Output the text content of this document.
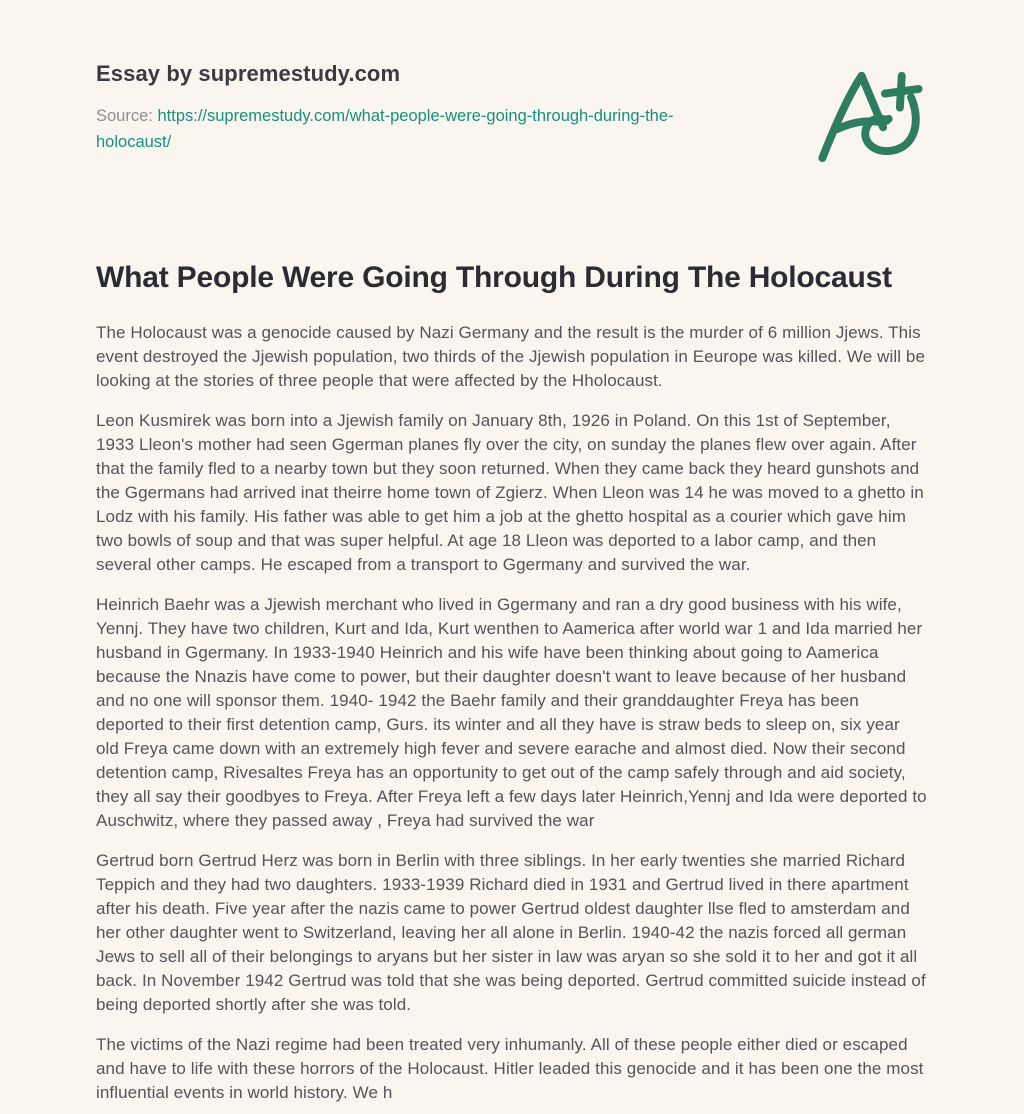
Essay by supremestudy.com
Source: https://supremestudy.com/what-people-were-going-through-during-the-holocaust/
What People Were Going Through During The Holocaust

The Holocaust was a genocide caused by Nazi Germany and the result is the murder of 6 million Jjews. This event destroyed the Jjewish population, two thirds of the Jjewish population in Eeurope was killed. We will be looking at the stories of three people that were affected by the Hholocaust.

Leon Kusmirek was born into a Jjewish family on January 8th, 1926 in Poland. On this 1st of September, 1933 Lleon's mother had seen Ggerman planes fly over the city, on sunday the planes flew over again. After that the family fled to a nearby town but they soon returned. When they came back they heard gunshots and the Ggermans had arrived inat theirre home town of Zgierz. When Lleon was 14 he was moved to a ghetto in Lodz with his family. His father was able to get him a job at the ghetto hospital as a courier which gave him two bowls of soup and that was super helpful. At age 18 Lleon was deported to a labor camp, and then several other camps. He escaped from a transport to Ggermany and survived the war.

Heinrich Baehr was a Jjewish merchant who lived in Ggermany and ran a dry good business with his wife, Yennj. They have two children, Kurt and Ida, Kurt wenthen to Aamerica after world war 1 and Ida married her husband in Ggermany. In 1933-1940 Heinrich and his wife have been thinking about going to Aamerica because the Nnazis have come to power, but their daughter doesn't want to leave because of her husband and no one will sponsor them. 1940- 1942 the Baehr family and their granddaughter Freya has been deported to their first detention camp, Gurs. its winter and all they have is straw beds to sleep on, six year old Freya came down with an extremely high fever and severe earache and almost died. Now their second detention camp, Rivesaltes Freya has an opportunity to get out of the camp safely through and aid society, they all say their goodbyes to Freya. After Freya left a few days later Heinrich,Yennj and Ida were deported to Auschwitz, where they passed away , Freya had survived the war

Gertrud born Gertrud Herz was born in Berlin with three siblings. In her early twenties she married Richard Teppich and they had two daughters. 1933-1939 Richard died in 1931 and Gertrud lived in there apartment after his death. Five year after the nazis came to power Gertrud oldest daughter llse fled to amsterdam and her other daughter went to Switzerland, leaving her all alone in Berlin. 1940-42 the nazis forced all german Jews to sell all of their belongings to aryans but her sister in law was aryan so she sold it to her and got it all back. In November 1942 Gertrud was told that she was being deported. Gertrud committed suicide instead of being deported shortly after she was told.

The victims of the Nazi regime had been treated very inhumanly. All of these people either died or escaped and have to life with these horrors of the Holocaust. Hitler leaded this genocide and it has been one the most influential events in world history. We h
